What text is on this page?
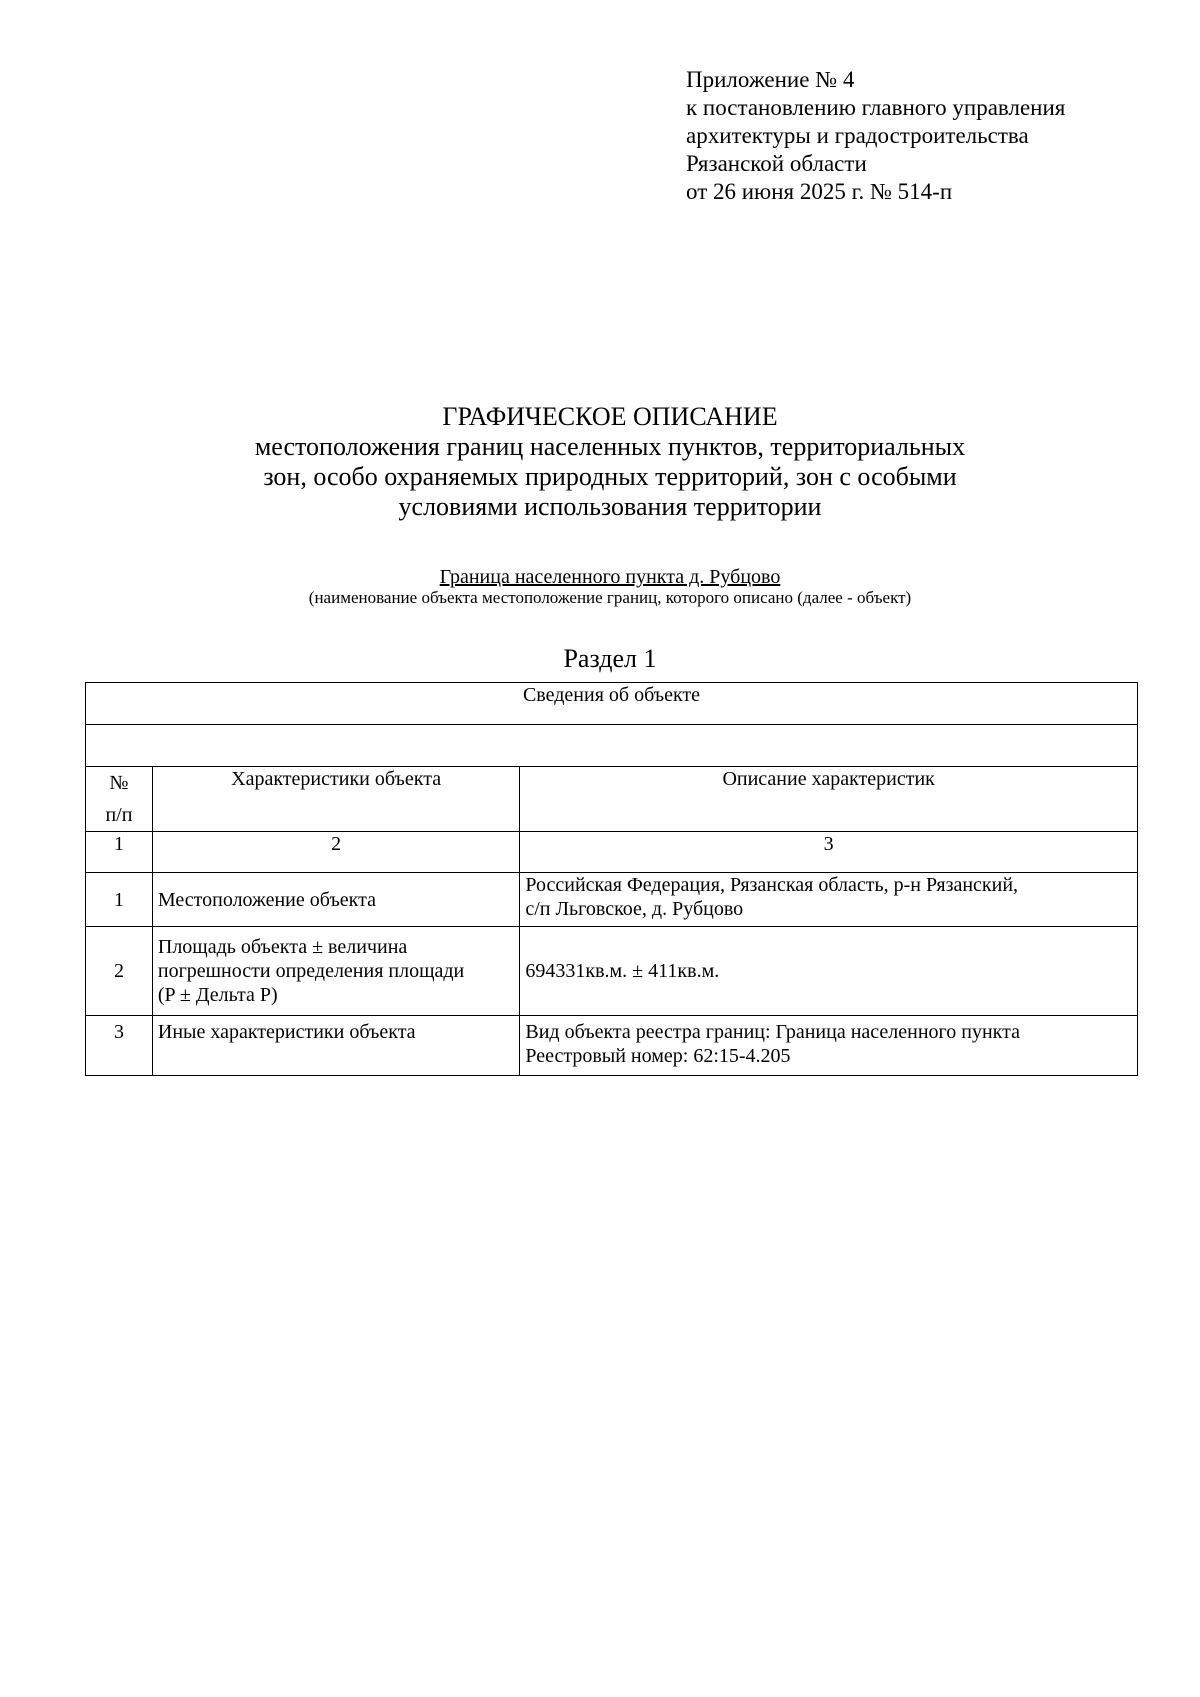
Приложение № 4
к постановлению главного управления
архитектуры и градостроительства
Рязанской области
от 26 июня 2025 г. № 514-п
ГРАФИЧЕСКОЕ ОПИСАНИЕ
местоположения границ населенных пунктов, территориальных
зон, особо охраняемых природных территорий, зон с особыми
условиями использования территории
Граница населенного пункта д. Рубцово
(наименование объекта местоположение границ, которого описано (далее - объект)
Раздел 1
Сведения об объекте		

№
п/п	Характеристики объекта	Описание характеристик
1	2	3
1	Местоположение объекта	Российская Федерация, Рязанская область, р-н Рязанский,
с/п Льговское, д. Рубцово

2	Площадь объекта ± величина
погрешности определения площади
(P ± Дельта P)	694331кв.м. ± 411кв.м.

3	Иные характеристики объекта	Вид объекта реестра границ: Граница населенного пункта
Реестровый номер: 62:15-4.205
